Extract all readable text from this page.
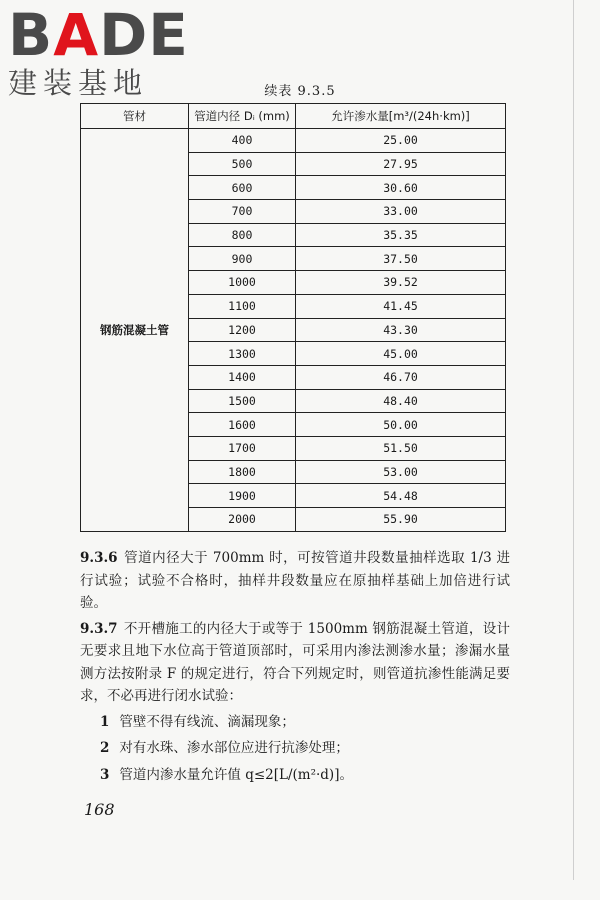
BADE
建装基地	续表 9.3.5
管材	管道内径 Dᵢ (mm)	允许渗水量[m³/(24h·km)]
钢筋混凝土管	400	25.00
	500	27.95
	600	30.60
	700	33.00
	800	35.35
	900	37.50
	1000	39.52
	1100	41.45
	1200	43.30
	1300	45.00
	1400	46.70
	1500	48.40
	1600	50.00
	1700	51.50
	1800	53.00
	1900	54.48
	2000	55.90

9.3.6 管道内径大于 700mm 时，可按管道井段数量抽样选取 1/3 进行试验；试验不合格时，抽样井段数量应在原抽样基础上加倍进行试验。

9.3.7 不开槽施工的内径大于或等于 1500mm 钢筋混凝土管道，设计无要求且地下水位高于管道顶部时，可采用内渗法测渗水量；渗漏水量测方法按附录 F 的规定进行，符合下列规定时，则管道抗渗性能满足要求，不必再进行闭水试验：

1 管壁不得有线流、滴漏现象；
2 对有水珠、渗水部位应进行抗渗处理；
3 管道内渗水量允许值 q≤2[L/(m²·d)]。
168
